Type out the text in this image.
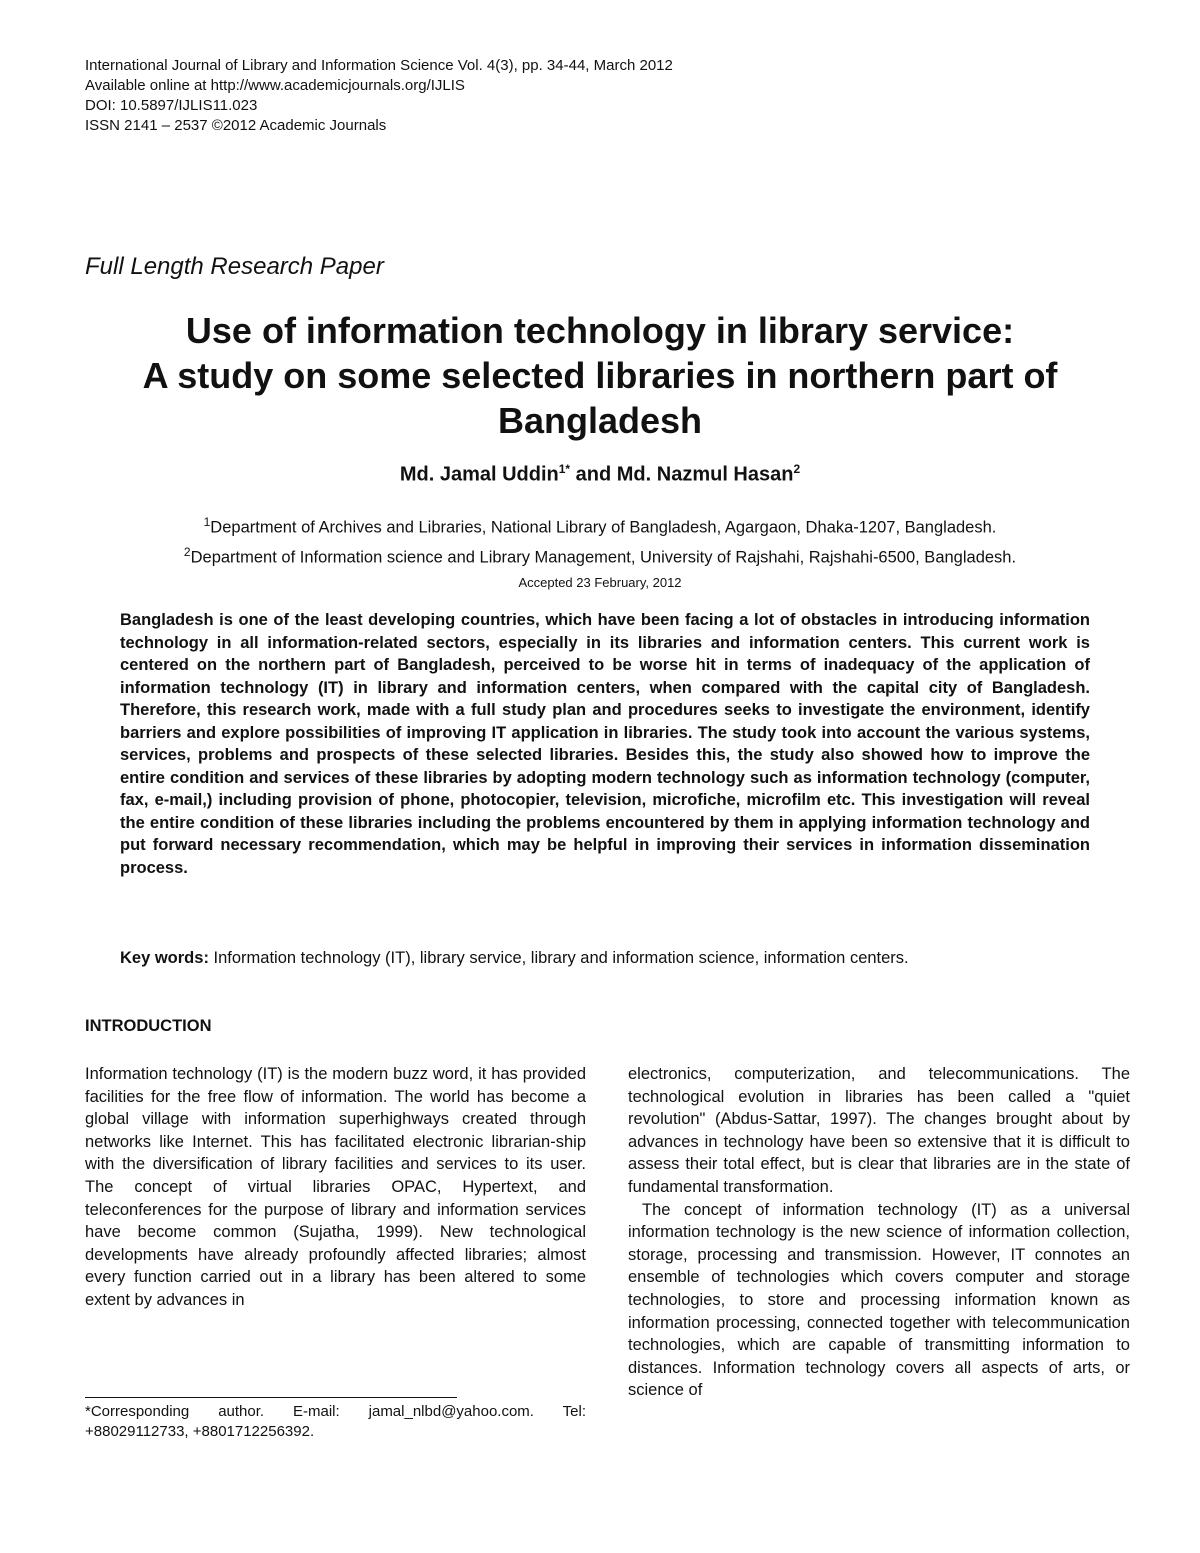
International Journal of Library and Information Science Vol. 4(3), pp. 34-44, March 2012
Available online at http://www.academicjournals.org/IJLIS
DOI: 10.5897/IJLIS11.023
ISSN 2141 – 2537 ©2012 Academic Journals
Full Length Research Paper
Use of information technology in library service:
A study on some selected libraries in northern part of
Bangladesh
Md. Jamal Uddin$^{1*}$ and Md. Nazmul Hasan$^2$
$^1$Department of Archives and Libraries, National Library of Bangladesh, Agargaon, Dhaka-1207, Bangladesh.
$^2$Department of Information science and Library Management, University of Rajshahi, Rajshahi-6500, Bangladesh.
Accepted 23 February, 2012
Bangladesh is one of the least developing countries, which have been facing a lot of obstacles in introducing information technology in all information-related sectors, especially in its libraries and information centers. This current work is centered on the northern part of Bangladesh, perceived to be worse hit in terms of inadequacy of the application of information technology (IT) in library and information centers, when compared with the capital city of Bangladesh. Therefore, this research work, made with a full study plan and procedures seeks to investigate the environment, identify barriers and explore possibilities of improving IT application in libraries. The study took into account the various systems, services, problems and prospects of these selected libraries. Besides this, the study also showed how to improve the entire condition and services of these libraries by adopting modern technology such as information technology (computer, fax, e-mail,) including provision of phone, photocopier, television, microfiche, microfilm etc. This investigation will reveal the entire condition of these libraries including the problems encountered by them in applying information technology and put forward necessary recommendation, which may be helpful in improving their services in information dissemination process.
Key words: Information technology (IT), library service, library and information science, information centers.
INTRODUCTION

Information technology (IT) is the modern buzz word, it has provided facilities for the free flow of information. The world has become a global village with information superhighways created through networks like Internet. This has facilitated electronic librarian-ship with the diversification of library facilities and services to its user. The concept of virtual libraries OPAC, Hypertext, and teleconferences for the purpose of library and information services have become common (Sujatha, 1999). New technological developments have already profoundly affected libraries; almost every function carried out in a library has been altered to some extent by advances in

electronics, computerization, and telecommunications. The technological evolution in libraries has been called a "quiet revolution" (Abdus-Sattar, 1997). The changes brought about by advances in technology have been so extensive that it is difficult to assess their total effect, but is clear that libraries are in the state of fundamental transformation.

The concept of information technology (IT) as a universal information technology is the new science of information collection, storage, processing and transmission. However, IT connotes an ensemble of technologies which covers computer and storage technologies, to store and processing information known as information processing, connected together with telecommunication technologies, which are capable of transmitting information to distances. Information technology covers all aspects of arts, or science of

*Corresponding author. E-mail: jamal_nlbd@yahoo.com. Tel: +88029112733, +8801712256392.
